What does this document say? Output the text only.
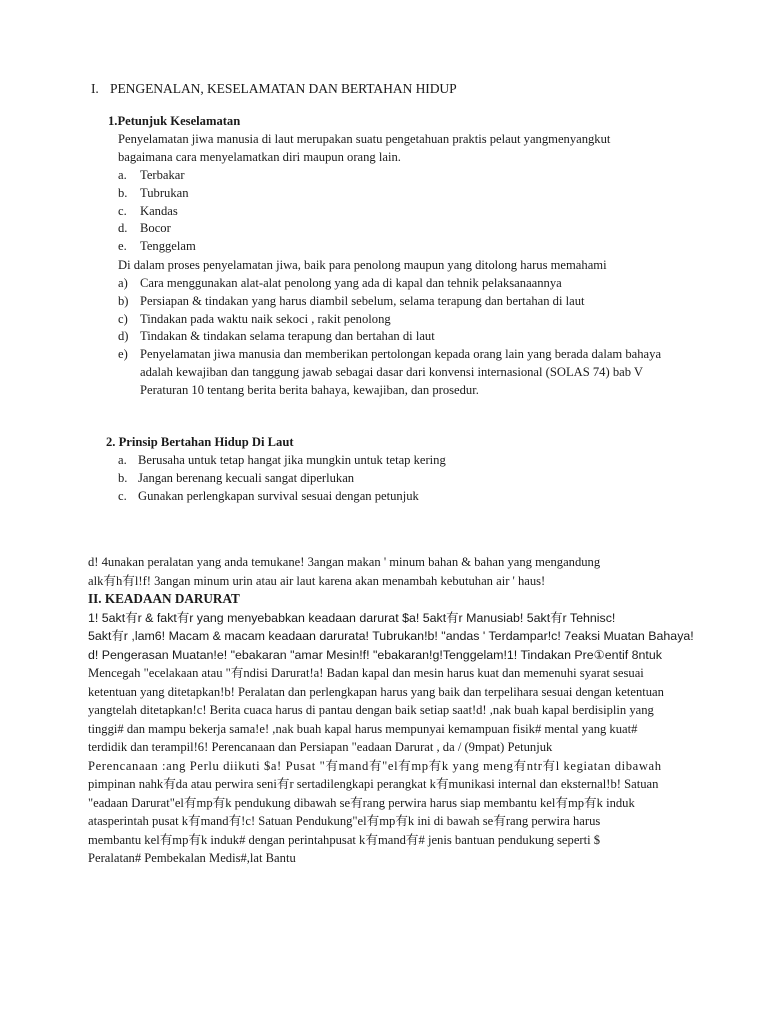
I. PENGENALAN, KESELAMATAN DAN BERTAHAN HIDUP
1.Petunjuk Keselamatan
Penyelamatan jiwa manusia di laut merupakan suatu pengetahuan praktis pelaut yangmenyangkut
bagaimana cara menyelamatkan diri maupun orang lain.
a. Terbakar
b. Tubrukan
c. Kandas
d. Bocor
e. Tenggelam
Di dalam proses penyelamatan jiwa, baik para penolong maupun yang ditolong harus memahami
a) Cara menggunakan alat-alat penolong yang ada di kapal dan tehnik pelaksanaannya
b) Persiapan & tindakan yang harus diambil sebelum, selama terapung dan bertahan di laut
c) Tindakan pada waktu naik sekoci , rakit penolong
d) Tindakan & tindakan selama terapung dan bertahan di laut
e) Penyelamatan jiwa manusia dan memberikan pertolongan kepada orang lain yang berada dalam bahaya
adalah kewajiban dan tanggung jawab sebagai dasar dari konvensi internasional (SOLAS 74) bab V
Peraturan 10 tentang berita berita bahaya, kewajiban, dan prosedur.
2. Prinsip Bertahan Hidup Di Laut
a. Berusaha untuk tetap hangat jika mungkin untuk tetap kering
b. Jangan berenang kecuali sangat diperlukan
c. Gunakan perlengkapan survival sesuai dengan petunjuk
d! 4unakan peralatan yang anda temukane! 3angan makan ' minum bahan & bahan yang mengandung
alk有h有l!f! 3angan minum urin atau air laut karena akan menambah kebutuhan air ' haus!
II. KEADAAN DARURAT
1! 5akt有r & fakt有r yang menyebabkan keadaan darurat $a! 5akt有r Manusiab! 5akt有r Tehnisc!
5akt有r ,lam6! Macam & macam keadaan darurata! Tubrukan!b! "andas ' Terdampar!c! 7eaksi Muatan Bahaya!
d! Pengerasan Muatan!e! "ebakaran "amar Mesin!f! "ebakaran!g!Tenggelam!1! Tindakan Pre①entif 8ntuk
Mencegah "ecelakaan atau "有ndisi Darurat!a! Badan kapal dan mesin harus kuat dan memenuhi syarat sesuai
ketentuan yang ditetapkan!b! Peralatan dan perlengkapan harus yang baik dan terpelihara sesuai dengan ketentuan
yangtelah ditetapkan!c! Berita cuaca harus di pantau dengan baik setiap saat!d! ,nak buah kapal berdisiplin yang
tinggi# dan mampu bekerja sama!e! ,nak buah kapal harus mempunyai kemampuan fisik# mental yang kuat#
terdidik dan terampil!6! Perencanaan dan Persiapan "eadaan Darurat , da / (9mpat) Petunjuk
Perencanaan :ang Perlu diikuti $a! Pusat "有mand有"el有mp有k yang meng有ntr有l kegiatan dibawah
pimpinan nahk有da atau perwira seni有r sertadilengkapi perangkat k有munikasi internal dan eksternal!b! Satuan
"eadaan Darurat"el有mp有k pendukung dibawah se有rang perwira harus siap membantu kel有mp有k induk
atasperintah pusat k有mand有!c! Satuan Pendukung"el有mp有k ini di bawah se有rang perwira harus
membantu kel有mp有k induk# dengan perintahpusat k有mand有# jenis bantuan pendukung seperti $
Peralatan# Pembekalan Medis#,lat Bantu
